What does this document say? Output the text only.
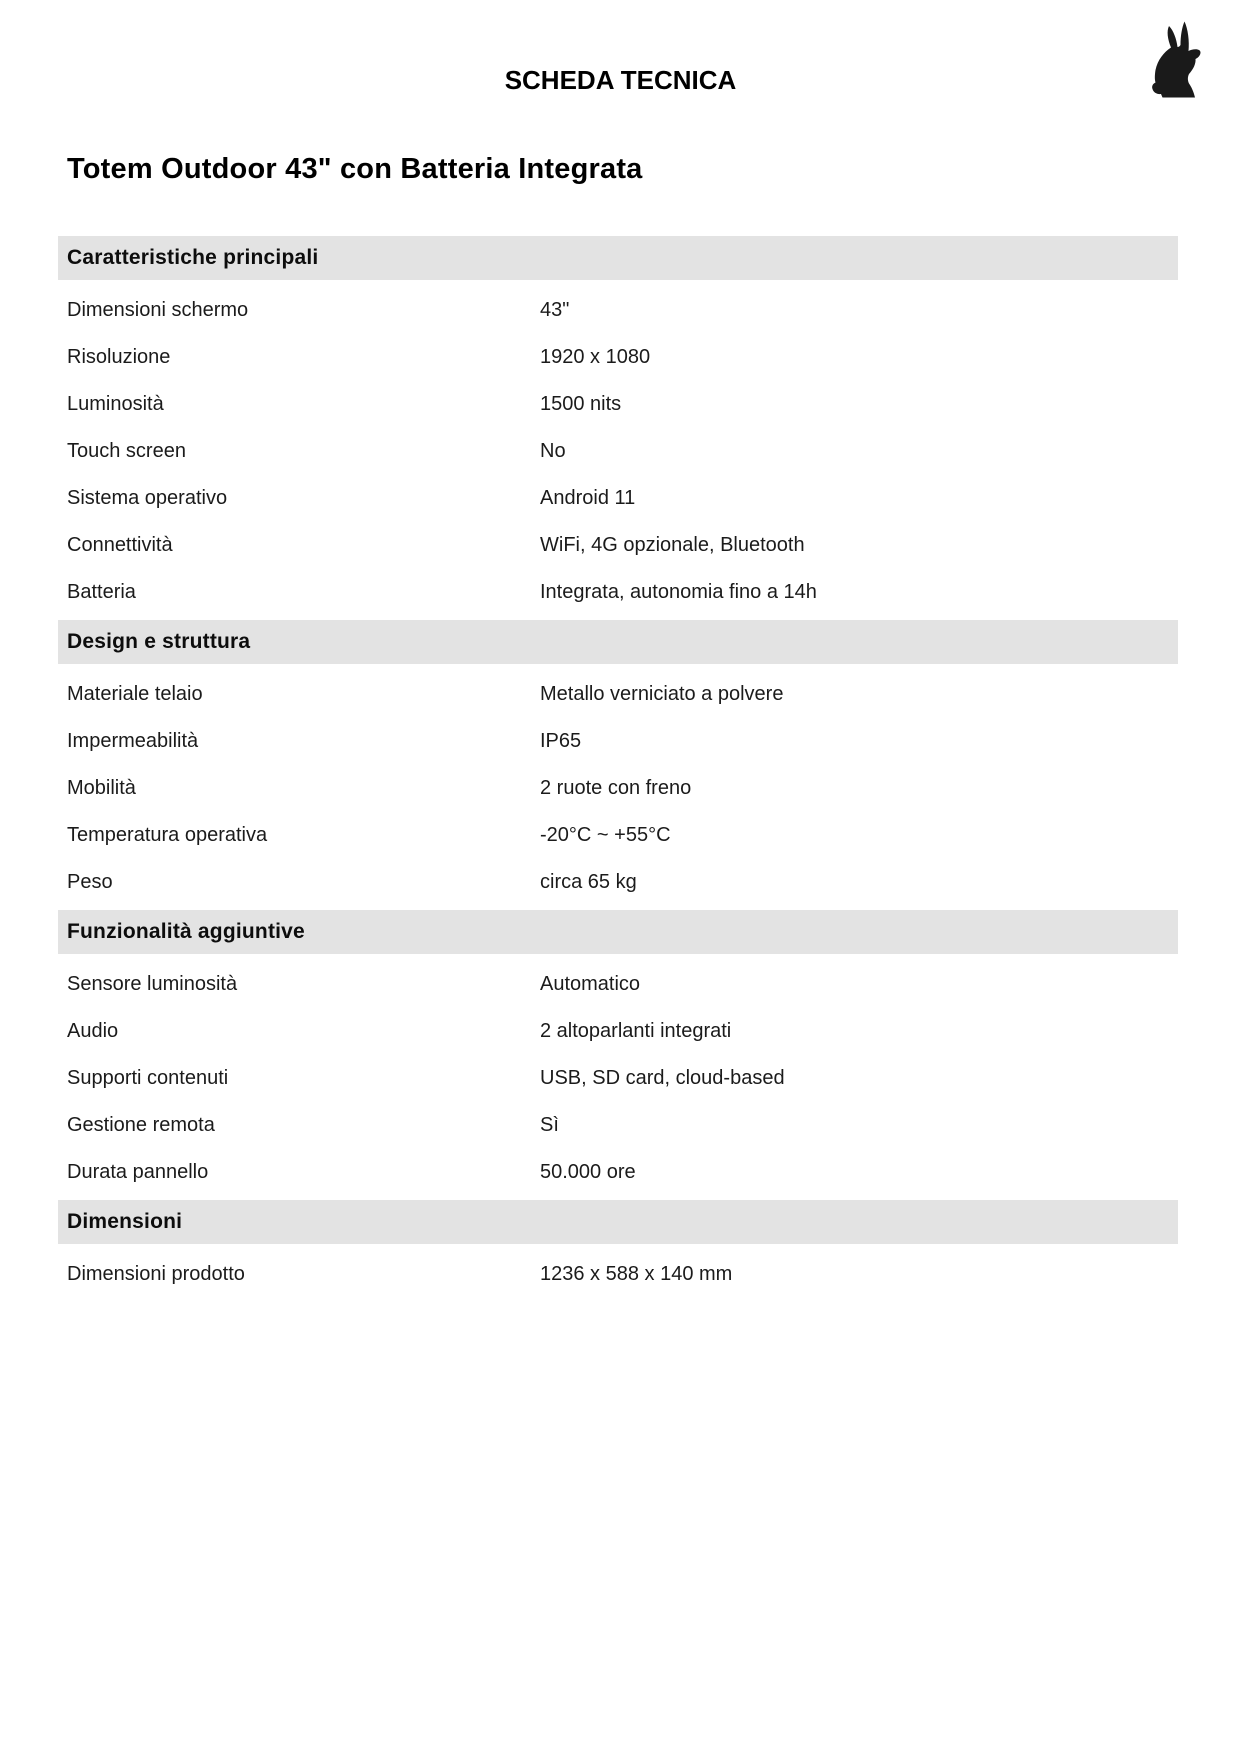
SCHEDA TECNICA
Totem Outdoor 43" con Batteria Integrata
Caratteristiche principali
Dimensioni schermo	43"
Risoluzione	1920 x 1080
Luminosità	1500 nits
Touch screen	No
Sistema operativo	Android 11
Connettività	WiFi, 4G opzionale, Bluetooth
Batteria	Integrata, autonomia fino a 14h
Design e struttura
Materiale telaio	Metallo verniciato a polvere
Impermeabilità	IP65
Mobilità	2 ruote con freno
Temperatura operativa	-20°C ~ +55°C
Peso	circa 65 kg
Funzionalità aggiuntive
Sensore luminosità	Automatico
Audio	2 altoparlanti integrati
Supporti contenuti	USB, SD card, cloud-based
Gestione remota	Sì
Durata pannello	50.000 ore
Dimensioni
Dimensioni prodotto	1236 x 588 x 140 mm
